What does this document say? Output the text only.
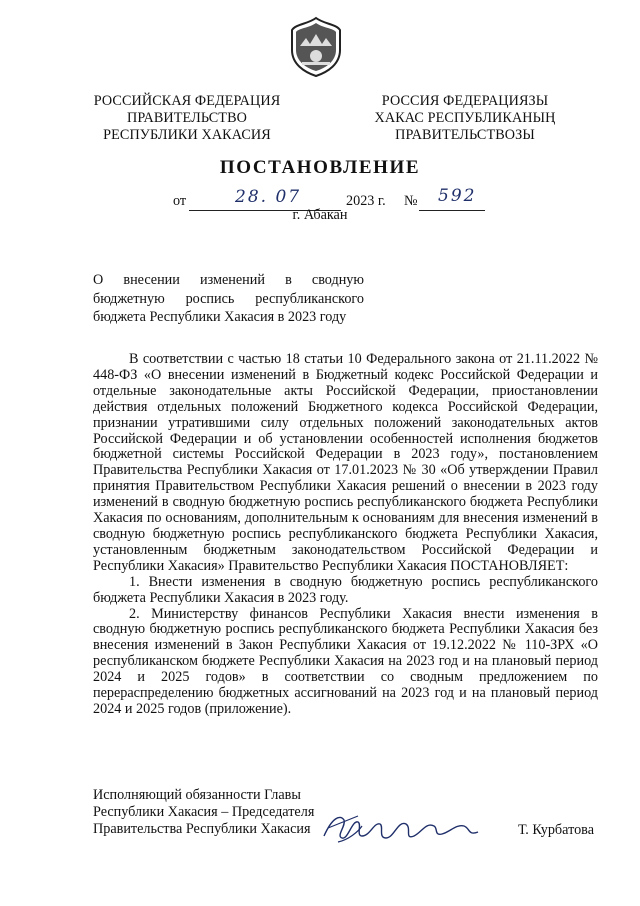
РОССИЙСКАЯ ФЕДЕРАЦИЯ
ПРАВИТЕЛЬСТВО
РЕСПУБЛИКИ ХАКАСИЯ
РОССИЯ ФЕДЕРАЦИЯЗЫ
ХАКАС РЕСПУБЛИКАНЫҢ
ПРАВИТЕЛЬСТВОЗЫ
ПОСТАНОВЛЕНИЕ
от	28. 07	2023 г. № 592
г. Абакан
О внесении изменений в сводную бюджетную роспись республиканского бюджета Республики Хакасия в 2023 году

В соответствии с частью 18 статьи 10 Федерального закона от 21.11.2022 № 448-ФЗ «О внесении изменений в Бюджетный кодекс Российской Федерации и отдельные законодательные акты Российской Федерации, приостановлении действия отдельных положений Бюджетного кодекса Российской Федерации, признании утратившими силу отдельных положений законодательных актов Российской Федерации и об установлении особенностей исполнения бюджетов бюджетной системы Российской Федерации в 2023 году», постановлением Правительства Республики Хакасия от 17.01.2023 № 30 «Об утверждении Правил принятия Правительством Республики Хакасия решений о внесении в 2023 году изменений в сводную бюджетную роспись республиканского бюджета Республики Хакасия по основаниям, дополнительным к основаниям для внесения изменений в сводную бюджетную роспись республиканского бюджета Республики Хакасия, установленным бюджетным законодательством Российской Федерации и Республики Хакасия» Правительство Республики Хакасия ПОСТАНОВЛЯЕТ:

1. Внести изменения в сводную бюджетную роспись республиканского бюджета Республики Хакасия в 2023 году.

2. Министерству финансов Республики Хакасия внести изменения в сводную бюджетную роспись республиканского бюджета Республики Хакасия без внесения изменений в Закон Республики Хакасия от 19.12.2022 № 110-ЗРХ «О республиканском бюджете Республики Хакасия на 2023 год и на плановый период 2024 и 2025 годов» в соответствии со сводным предложением по перераспределению бюджетных ассигнований на 2023 год и на плановый период 2024 и 2025 годов (приложение).

Исполняющий обязанности Главы
Республики Хакасия – Председателя
Правительства Республики Хакасия	Т. Курбатова
